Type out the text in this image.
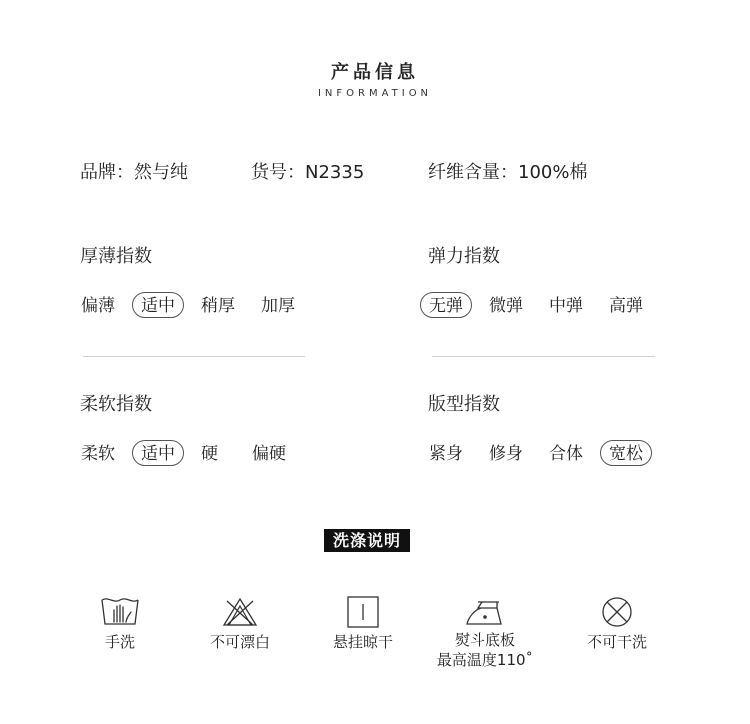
产品信息
INFORMATION
品牌：然与纯	货号：N2335	纤维含量：100%棉
厚薄指数
偏薄	适中	稍厚	加厚
弹力指数
无弹	微弹	中弹	高弹
柔软指数
柔软	适中	硬	偏硬
版型指数
紧身	修身	合体	宽松
洗涤说明
手洗	不可漂白	悬挂晾干	熨斗底板
最高温度110˚
不可干洗
